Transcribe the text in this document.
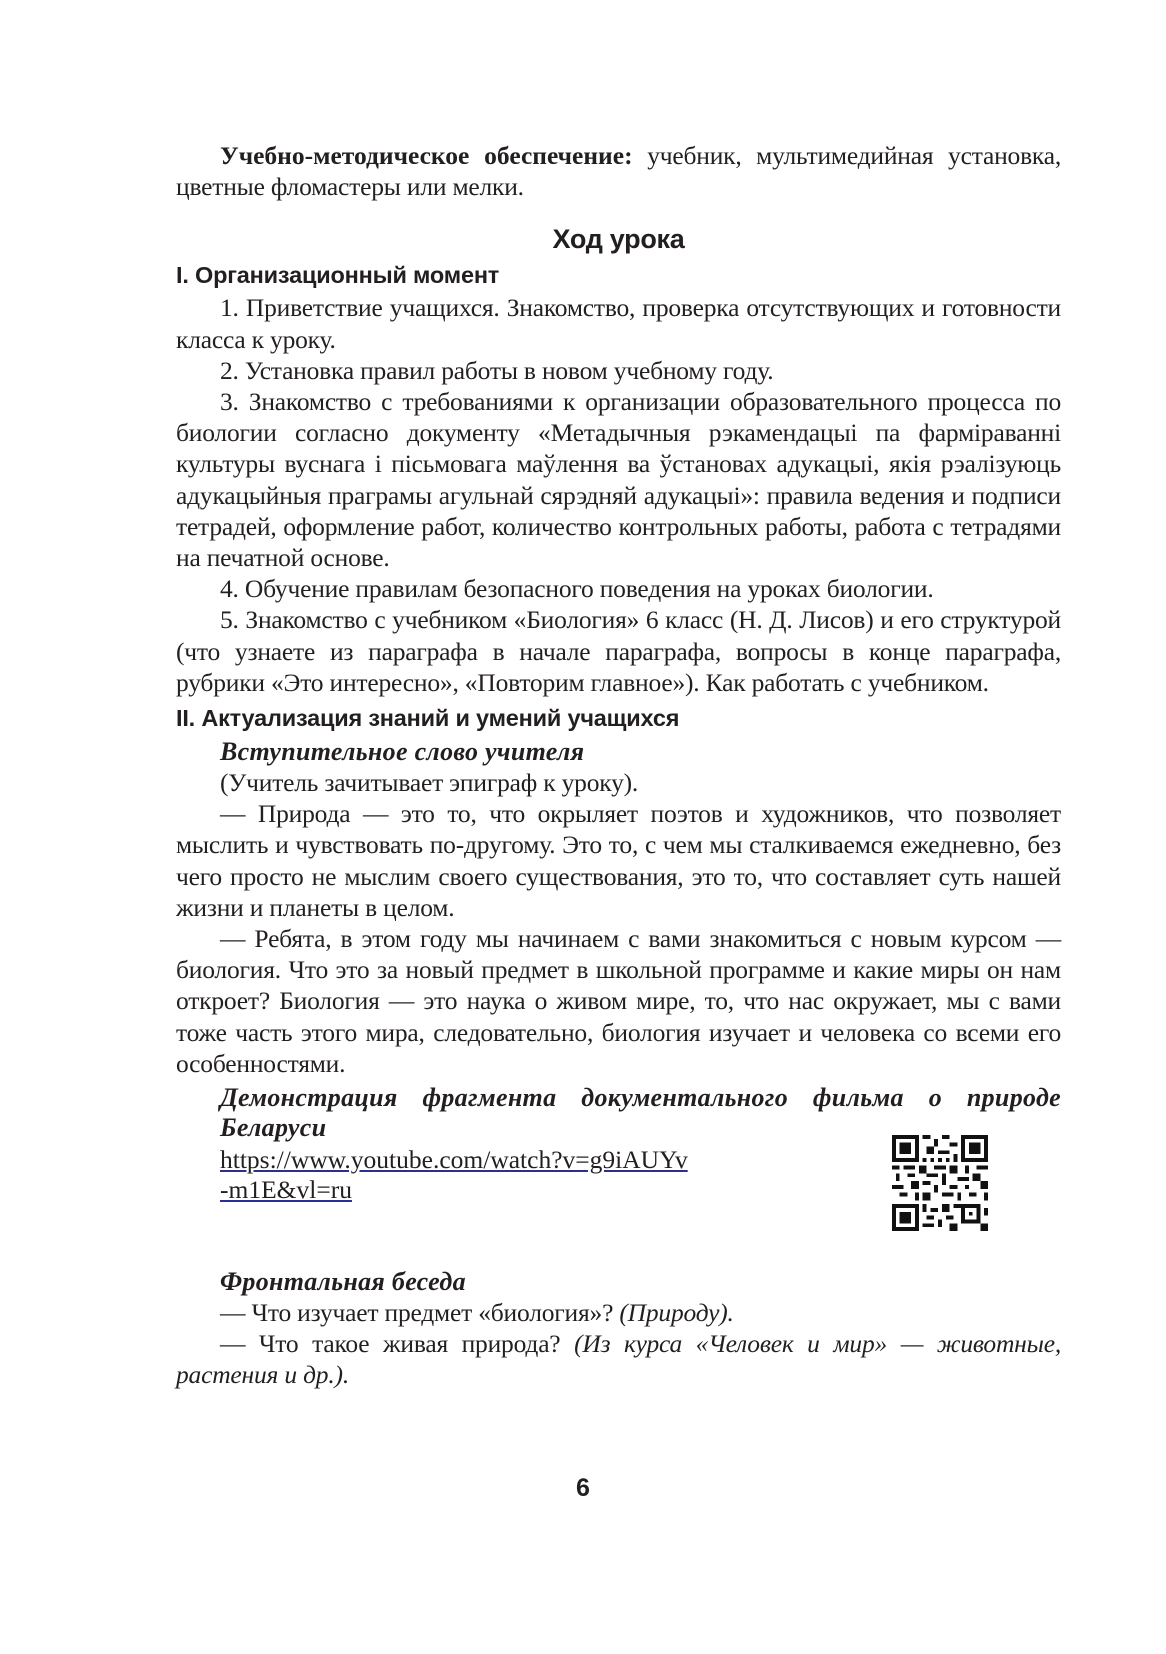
Учебно-методическое обеспечение: учебник, мультимедийная установка, цветные фломастеры или мелки.

Ход урока
I. Организационный момент

1. Приветствие учащихся. Знакомство, проверка отсутствующих и готовности класса к уроку.

2. Установка правил работы в новом учебному году.

3. Знакомство с требованиями к организации образовательного процесса по биологии согласно документу «Метадычныя рэкамендацыі па фарміраванні культуры вуснага і пісьмовага маўлення ва ўстановах адукацыі, якія рэалізуюць адукацыйныя праграмы агульнай сярэдняй адукацыі»: правила ведения и подписи тетрадей, оформление работ, количество контрольных работы, работа с тетрадями на печатной основе.

4. Обучение правилам безопасного поведения на уроках биологии.

5. Знакомство с учебником «Биология» 6 класс (Н. Д. Лисов) и его структурой (что узнаете из параграфа в начале параграфа, вопросы в конце параграфа, рубрики «Это интересно», «Повторим главное»). Как работать с учебником.

II. Актуализация знаний и умений учащихся
Вступительное слово учителя

(Учитель зачитывает эпиграф к уроку).

— Природа — это то, что окрыляет поэтов и художников, что позволяет мыслить и чувствовать по-другому. Это то, с чем мы сталкиваемся ежедневно, без чего просто не мыслим своего существования, это то, что составляет суть нашей жизни и планеты в целом.

— Ребята, в этом году мы начинаем с вами знакомиться с новым курсом — биология. Что это за новый предмет в школьной программе и какие миры он нам откроет? Биология — это наука о живом мире, то, что нас окружает, мы с вами тоже часть этого мира, следовательно, биология изучает и человека со всеми его особенностями.

Демонстрация фрагмента документального фильма о природе Беларуси
https://www.youtube.com/watch?v=g9iAUYv-m1E&vl=ru
Фронтальная беседа

— Что изучает предмет «биология»? (Природу).

— Что такое живая природа? (Из курса «Человек и мир» — животные, растения и др.).

6
